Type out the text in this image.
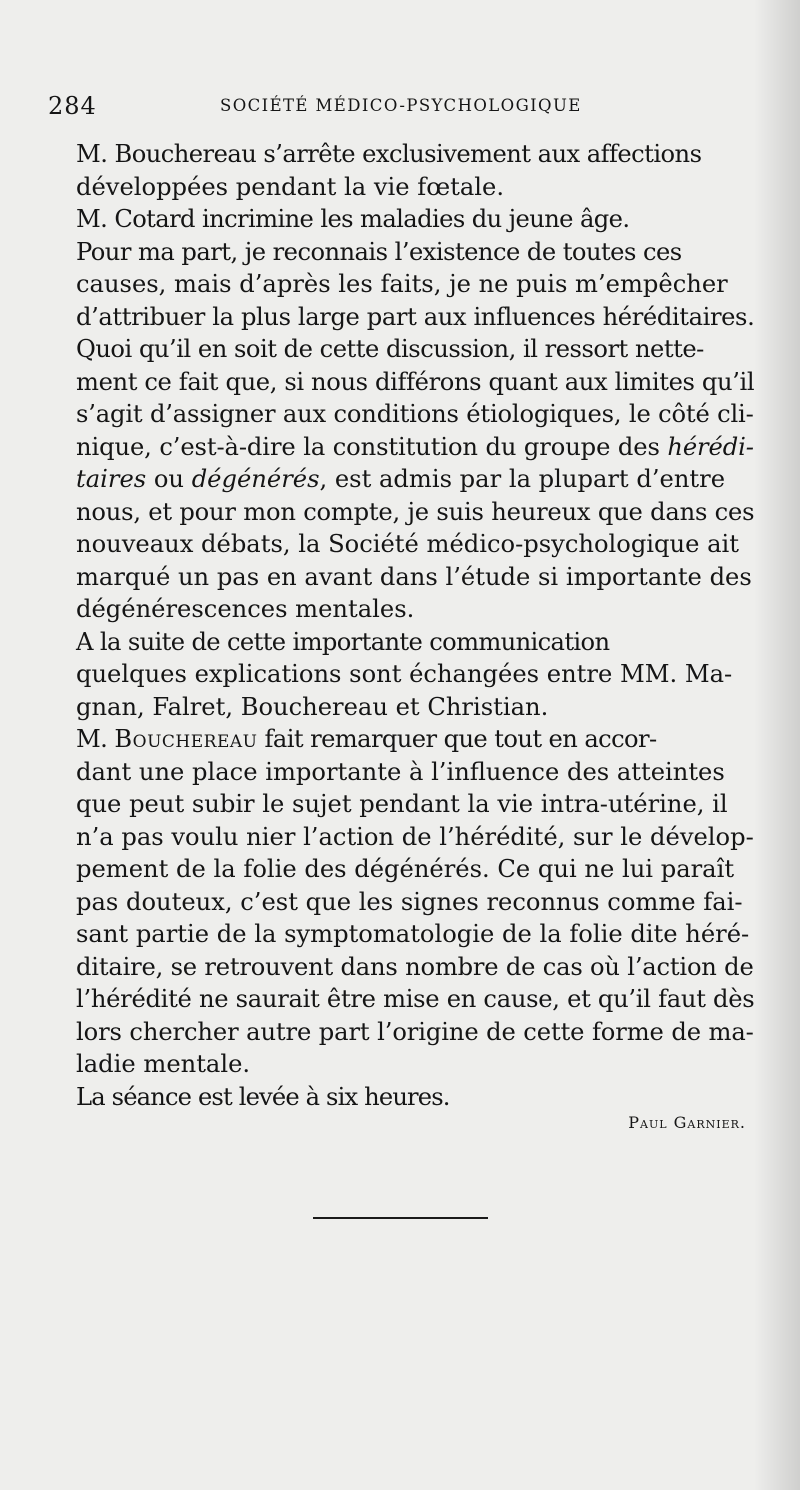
284	SOCIÉTÉ MÉDICO-PSYCHOLOGIQUE

M. Bouchereau s’arrête exclusivement aux affections
développées pendant la vie fœtale.

M. Cotard incrimine les maladies du jeune âge.

Pour ma part, je reconnais l’existence de toutes ces
causes, mais d’après les faits, je ne puis m’empêcher
d’attribuer la plus large part aux influences héréditaires.

Quoi qu’il en soit de cette discussion, il ressort nette-
ment ce fait que, si nous différons quant aux limites qu’il
s’agit d’assigner aux conditions étiologiques, le côté cli-
nique, c’est-à-dire la constitution du groupe des hérédi-
taires ou dégénérés, est admis par la plupart d’entre
nous, et pour mon compte, je suis heureux que dans ces
nouveaux débats, la Société médico-psychologique ait
marqué un pas en avant dans l’étude si importante des
dégénérescences mentales.

A la suite de cette importante communication
quelques explications sont échangées entre MM. Ma-
gnan, Falret, Bouchereau et Christian.

M. Bouchereau fait remarquer que tout en accor-
dant une place importante à l’influence des atteintes
que peut subir le sujet pendant la vie intra-utérine, il
n’a pas voulu nier l’action de l’hérédité, sur le dévelop-
pement de la folie des dégénérés. Ce qui ne lui paraît
pas douteux, c’est que les signes reconnus comme fai-
sant partie de la symptomatologie de la folie dite héré-
ditaire, se retrouvent dans nombre de cas où l’action de
l’hérédité ne saurait être mise en cause, et qu’il faut dès
lors chercher autre part l’origine de cette forme de ma-
ladie mentale.

La séance est levée à six heures.

Paul Garnier.
